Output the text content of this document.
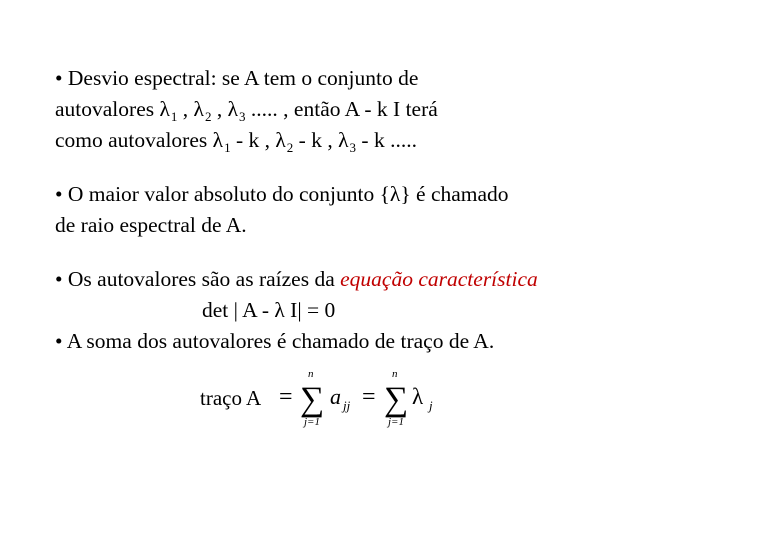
• Desvio espectral: se A tem o conjunto de
autovalores $\lambda_1$ , $\lambda_2$ , $\lambda_3$ ..... , então A - k I terá
como autovalores $\lambda_1$ - k , $\lambda_2$ - k , $\lambda_3$ - k .....
• O maior valor absoluto do conjunto {λ} é chamado
de raio espectral de A.
• Os autovalores são as raízes da equação característica
det | A - λ I| = 0
• A soma dos autovalores é chamado de traço de A.
traço A =
n
∑
j=1
a jj =
n
∑
j=1
λ j
